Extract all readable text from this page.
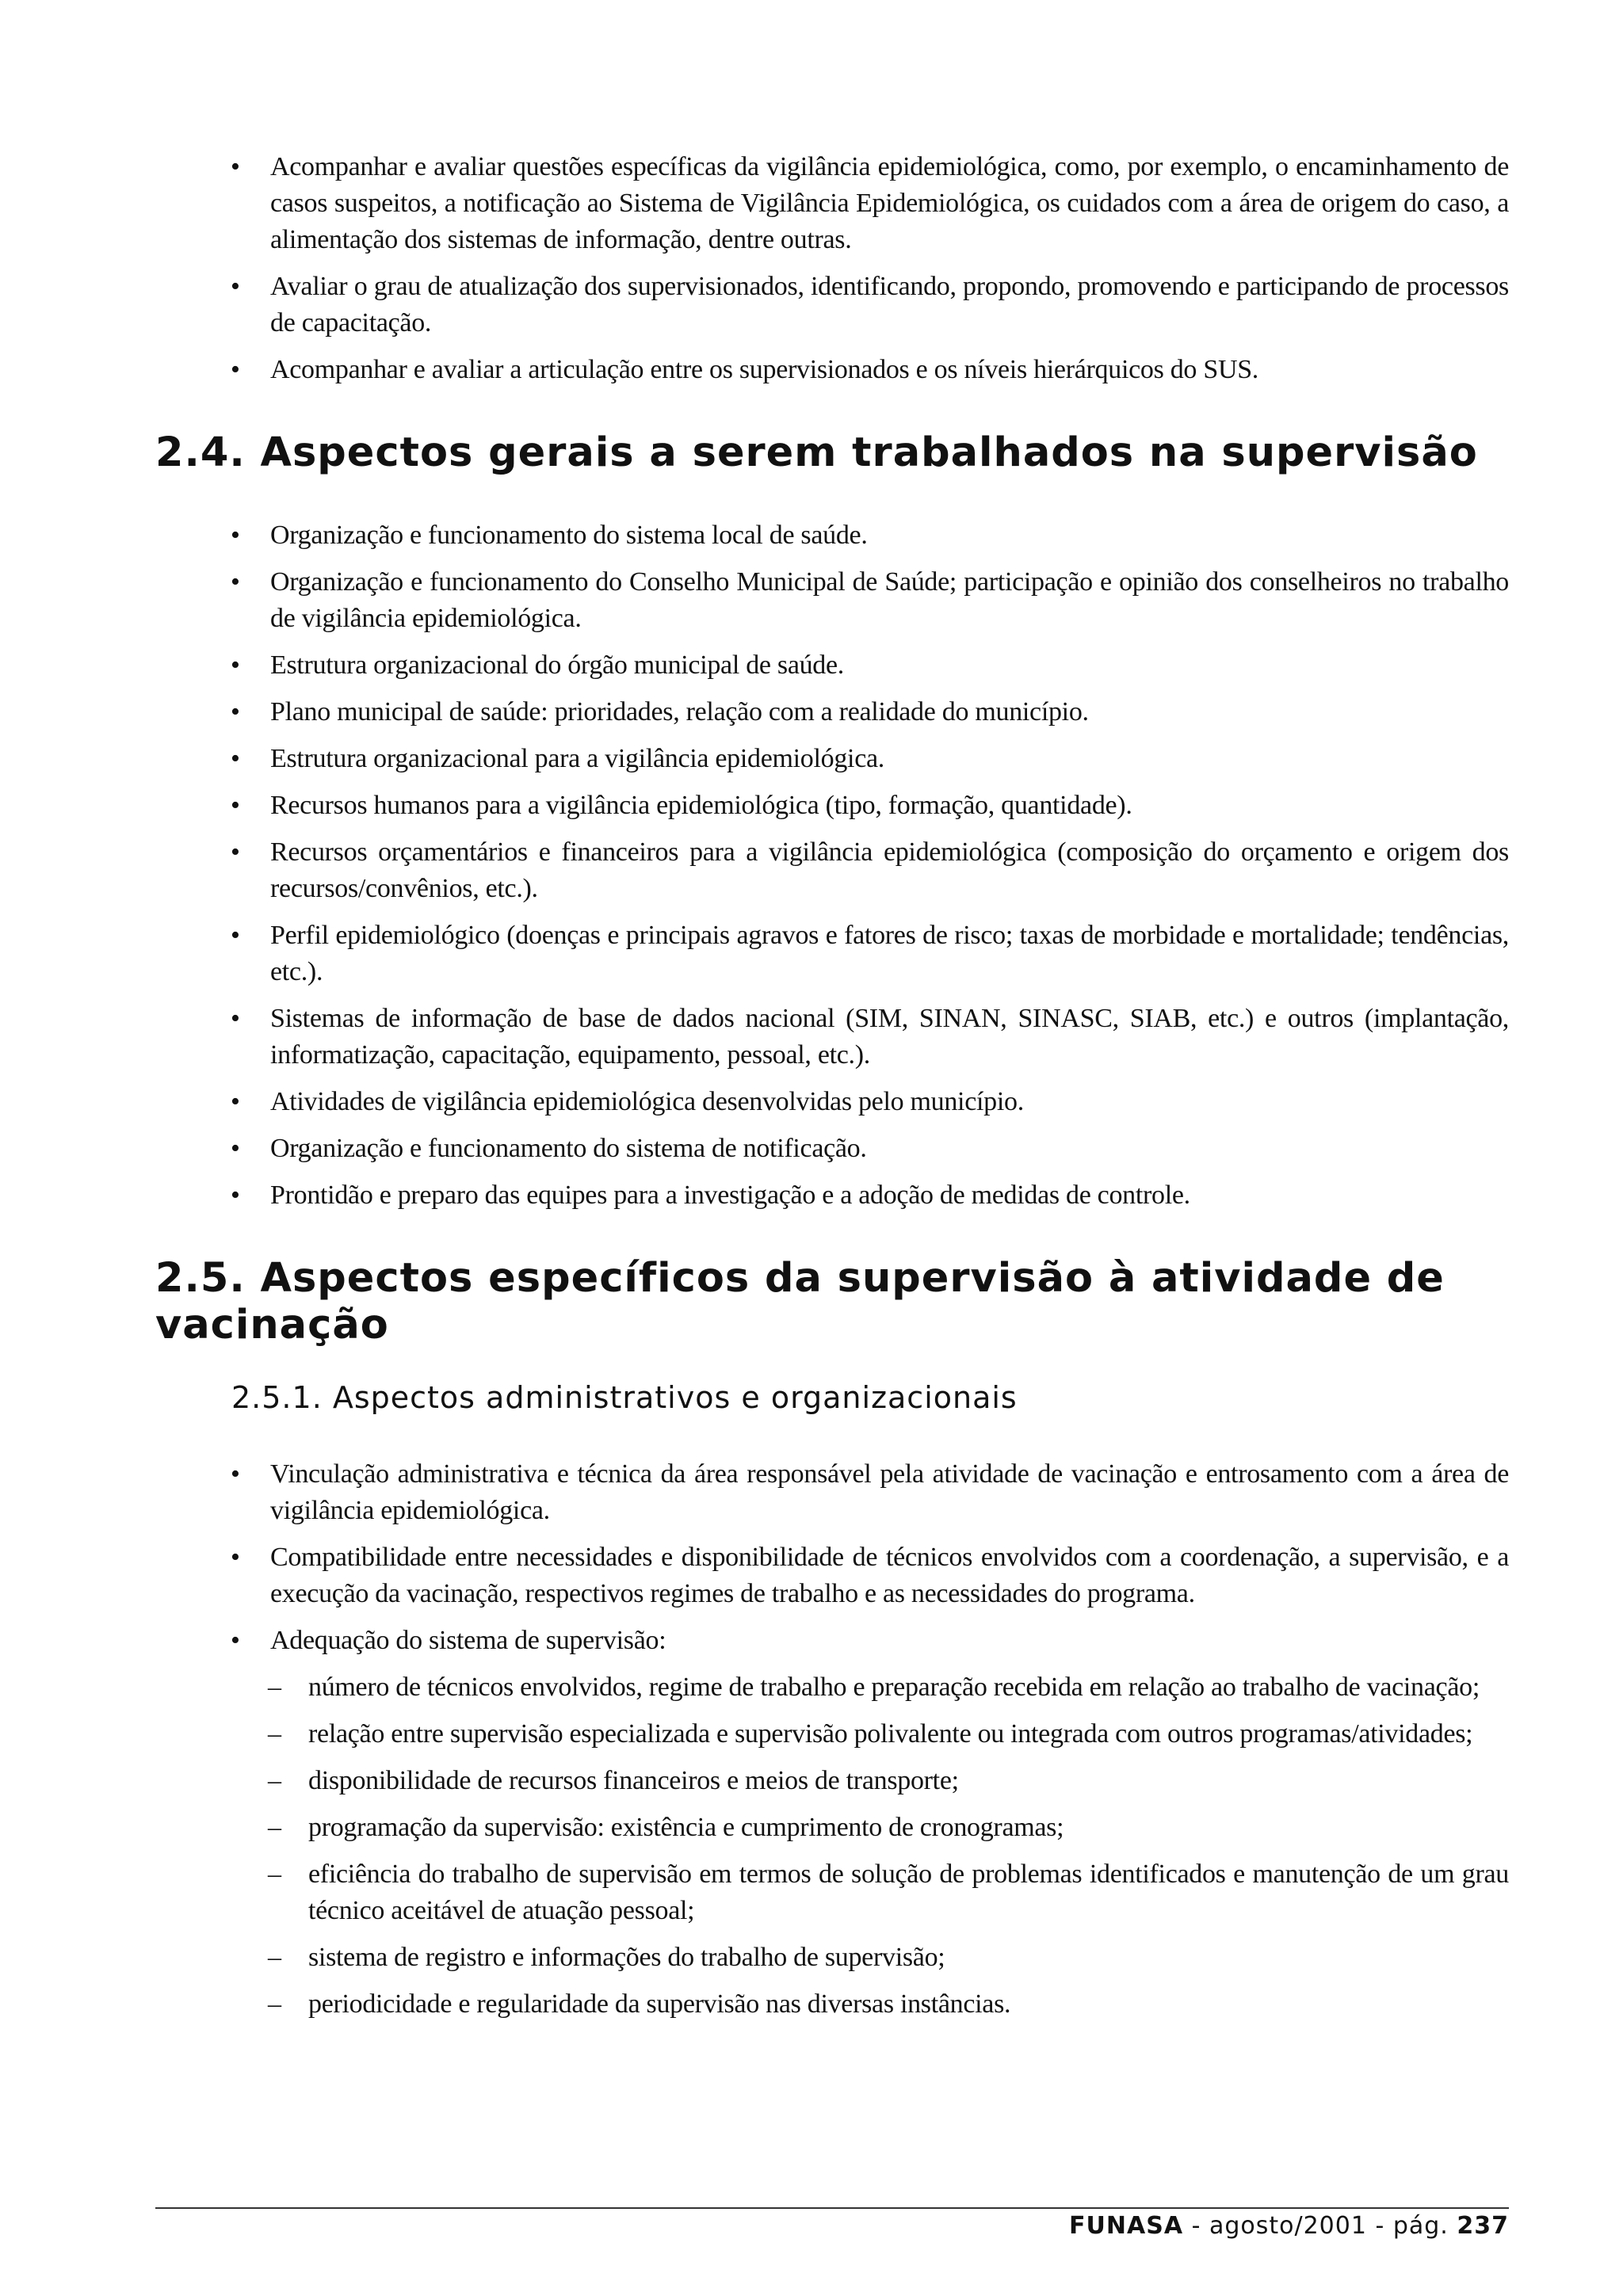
• Acompanhar e avaliar questões específicas da vigilância epidemiológica, como, por exemplo, o encaminhamento de casos suspeitos, a notificação ao Sistema de Vigilância Epidemiológica, os cuidados com a área de origem do caso, a alimentação dos sistemas de informação, dentre outras.
• Avaliar o grau de atualização dos supervisionados, identificando, propondo, promovendo e participando de processos de capacitação.
• Acompanhar e avaliar a articulação entre os supervisionados e os níveis hierárquicos do SUS.
2.4. Aspectos gerais a serem trabalhados na supervisão
• Organização e funcionamento do sistema local de saúde.
• Organização e funcionamento do Conselho Municipal de Saúde; participação e opinião dos conselheiros no trabalho de vigilância epidemiológica.
• Estrutura organizacional do órgão municipal de saúde.
• Plano municipal de saúde: prioridades, relação com a realidade do município.
• Estrutura organizacional para a vigilância epidemiológica.
• Recursos humanos para a vigilância epidemiológica (tipo, formação, quantidade).
• Recursos orçamentários e financeiros para a vigilância epidemiológica (composição do orçamento e origem dos recursos/convênios, etc.).
• Perfil epidemiológico (doenças e principais agravos e fatores de risco; taxas de morbidade e mortalidade; tendências, etc.).
• Sistemas de informação de base de dados nacional (SIM, SINAN, SINASC, SIAB, etc.) e outros (implantação, informatização, capacitação, equipamento, pessoal, etc.).
• Atividades de vigilância epidemiológica desenvolvidas pelo município.
• Organização e funcionamento do sistema de notificação.
• Prontidão e preparo das equipes para a investigação e a adoção de medidas de controle.
2.5. Aspectos específicos da supervisão à atividade de vacinação
2.5.1. Aspectos administrativos e organizacionais
• Vinculação administrativa e técnica da área responsável pela atividade de vacinação e entrosamento com a área de vigilância epidemiológica.
• Compatibilidade entre necessidades e disponibilidade de técnicos envolvidos com a coordenação, a supervisão, e a execução da vacinação, respectivos regimes de trabalho e as necessidades do programa.
• Adequação do sistema de supervisão:
– número de técnicos envolvidos, regime de trabalho e preparação recebida em relação ao trabalho de vacinação;
– relação entre supervisão especializada e supervisão polivalente ou integrada com outros programas/atividades;
– disponibilidade de recursos financeiros e meios de transporte;
– programação da supervisão: existência e cumprimento de cronogramas;
– eficiência do trabalho de supervisão em termos de solução de problemas identificados e manutenção de um grau técnico aceitável de atuação pessoal;
– sistema de registro e informações do trabalho de supervisão;
– periodicidade e regularidade da supervisão nas diversas instâncias.
FUNASA - agosto/2001 - pág. 237
